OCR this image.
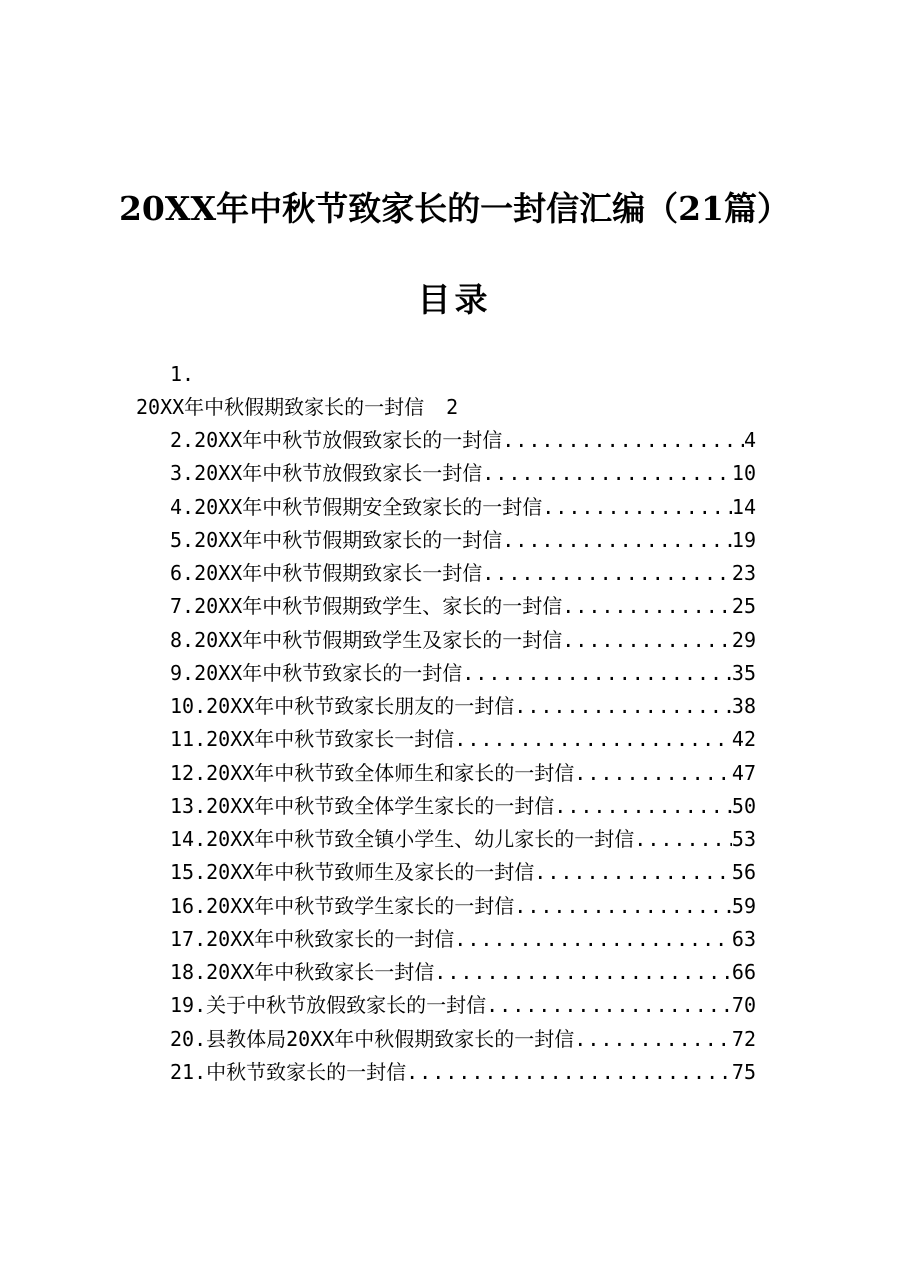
20XX年中秋节致家长的一封信汇编（21篇）
目录
1.
20XX年中秋假期致家长的一封信 2
2.20XX年中秋节放假致家长的一封信 .....	4
3.20XX年中秋节放假致家长一封信 .....	10
4.20XX年中秋节假期安全致家长的一封信 .....	14
5.20XX年中秋节假期致家长的一封信 .....	19
6.20XX年中秋节假期致家长一封信 .....	23
7.20XX年中秋节假期致学生、家长的一封信 .....	25
8.20XX年中秋节假期致学生及家长的一封信 .....	29
9.20XX年中秋节致家长的一封信 .....	35
10.20XX年中秋节致家长朋友的一封信 .....	38
11.20XX年中秋节致家长一封信 .....	42
12.20XX年中秋节致全体师生和家长的一封信 .....	47
13.20XX年中秋节致全体学生家长的一封信 .....	50
14.20XX年中秋节致全镇小学生、幼儿家长的一封信 .....	53
15.20XX年中秋节致师生及家长的一封信 .....	56
16.20XX年中秋节致学生家长的一封信 .....	59
17.20XX年中秋致家长的一封信 .....	63
18.20XX年中秋致家长一封信 .....	66
19.关于中秋节放假致家长的一封信 .....	70
20.县教体局20XX年中秋假期致家长的一封信 .....	72
21.中秋节致家长的一封信 .....	75
